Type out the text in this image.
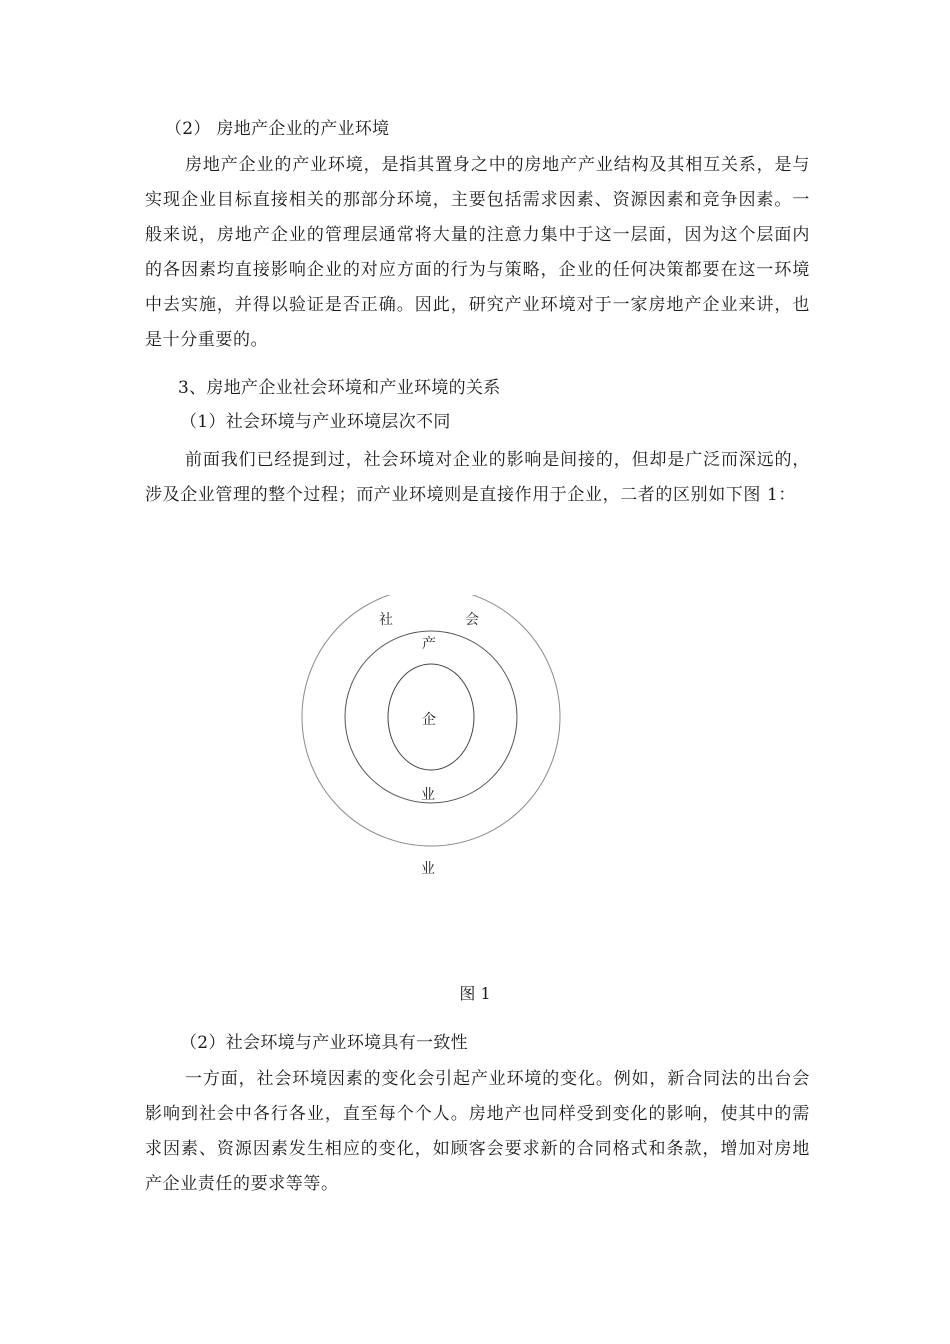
（2） 房地产企业的产业环境
房地产企业的产业环境，是指其置身之中的房地产产业结构及其相互关系，是与实现企业目标直接相关的那部分环境，主要包括需求因素、资源因素和竞争因素。一般来说，房地产企业的管理层通常将大量的注意力集中于这一层面，因为这个层面内的各因素均直接影响企业的对应方面的行为与策略，企业的任何决策都要在这一环境中去实施，并得以验证是否正确。因此，研究产业环境对于一家房地产企业来讲，也是十分重要的。
3、房地产企业社会环境和产业环境的关系
（1）社会环境与产业环境层次不同
前面我们已经提到过，社会环境对企业的影响是间接的，但却是广泛而深远的，涉及企业管理的整个过程；而产业环境则是直接作用于企业，二者的区别如下图 1：
社	会
产
企
业
业
图 1
（2）社会环境与产业环境具有一致性
一方面，社会环境因素的变化会引起产业环境的变化。例如，新合同法的出台会影响到社会中各行各业，直至每个个人。房地产也同样受到变化的影响，使其中的需求因素、资源因素发生相应的变化，如顾客会要求新的合同格式和条款，增加对房地产企业责任的要求等等。
